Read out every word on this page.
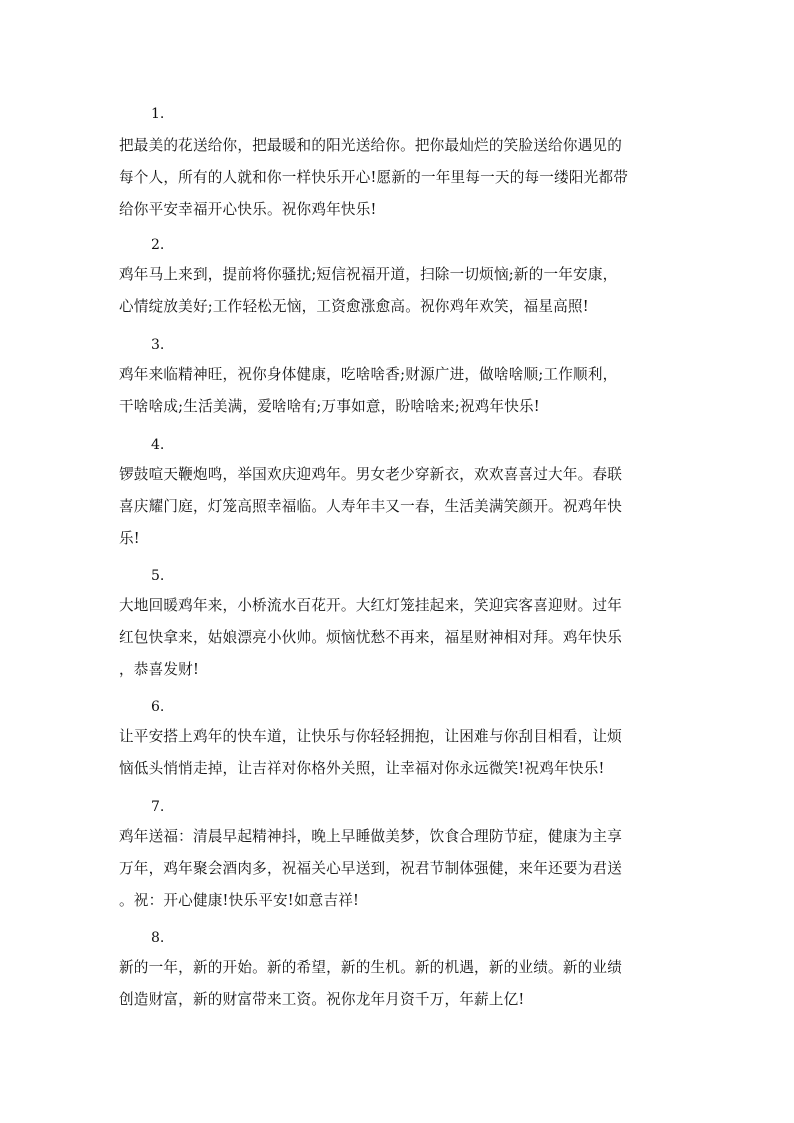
1.
把最美的花送给你，把最暖和的阳光送给你。把你最灿烂的笑脸送给你遇见的
每个人，所有的人就和你一样快乐开心!愿新的一年里每一天的每一缕阳光都带
给你平安幸福开心快乐。祝你鸡年快乐!
2.
鸡年马上来到，提前将你骚扰;短信祝福开道，扫除一切烦恼;新的一年安康，
心情绽放美好;工作轻松无恼，工资愈涨愈高。祝你鸡年欢笑，福星高照!
3.
鸡年来临精神旺，祝你身体健康，吃啥啥香;财源广进，做啥啥顺;工作顺利，
干啥啥成;生活美满，爱啥啥有;万事如意，盼啥啥来;祝鸡年快乐!
4.
锣鼓喧天鞭炮鸣，举国欢庆迎鸡年。男女老少穿新衣，欢欢喜喜过大年。春联
喜庆耀门庭，灯笼高照幸福临。人寿年丰又一春，生活美满笑颜开。祝鸡年快
乐!
5.
大地回暖鸡年来，小桥流水百花开。大红灯笼挂起来，笑迎宾客喜迎财。过年
红包快拿来，姑娘漂亮小伙帅。烦恼忧愁不再来，福星财神相对拜。鸡年快乐
，恭喜发财!
6.
让平安搭上鸡年的快车道，让快乐与你轻轻拥抱，让困难与你刮目相看，让烦
恼低头悄悄走掉，让吉祥对你格外关照，让幸福对你永远微笑!祝鸡年快乐!
7.
鸡年送福：清晨早起精神抖，晚上早睡做美梦，饮食合理防节症，健康为主享
万年，鸡年聚会酒肉多，祝福关心早送到，祝君节制体强健，来年还要为君送
。祝：开心健康!快乐平安!如意吉祥!
8.
新的一年，新的开始。新的希望，新的生机。新的机遇，新的业绩。新的业绩
创造财富，新的财富带来工资。祝你龙年月资千万，年薪上亿!
